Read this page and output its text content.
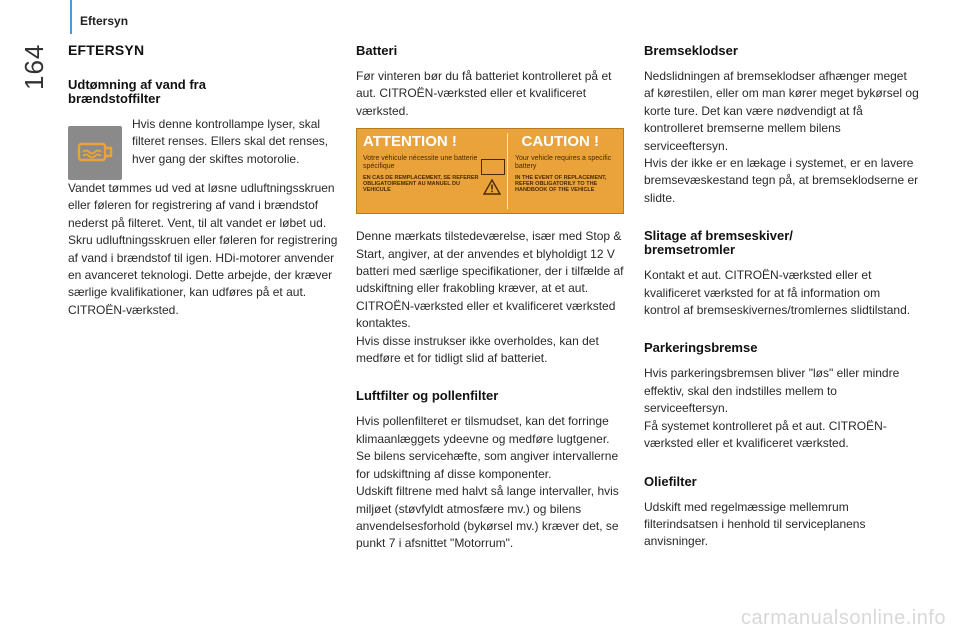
164
Eftersyn
EFTERSYN
Udtømning af vand fra brændstoffilter

Hvis denne kontrollampe lyser, skal filteret renses. Ellers skal det renses, hver gang der skiftes motorolie.

Vandet tømmes ud ved at løsne udluftningsskruen eller føleren for registrering af vand i brændstof nederst på filteret. Vent, til alt vandet er løbet ud. Skru udluftningsskruen eller føleren for registrering af vand i brændstof til igen. HDi-motorer anvender en avanceret teknologi. Dette arbejde, der kræver særlige kvalifikationer, kan udføres på et aut. CITROËN-værksted.

Batteri

Før vinteren bør du få batteriet kontrolleret på et aut. CITROËN-værksted eller et kvalificeret værksted.

ATTENTION !	CAUTION !
Votre véhicule nécessite une batterie spécifique
EN CAS DE REMPLACEMENT, SE REFERER OBLIGATOIREMENT AU MANUEL DU VEHICULE
Your vehicle requires a specific battery
IN THE EVENT OF REPLACEMENT, REFER OBLIGATORILY TO THE HANDBOOK OF THE VEHICLE

Denne mærkats tilstedeværelse, især med Stop & Start, angiver, at der anvendes et blyholdigt 12 V batteri med særlige specifikationer, der i tilfælde af udskiftning eller frakobling kræver, at et aut. CITROËN-værksted eller et kvalificeret værksted kontaktes.

Hvis disse instrukser ikke overholdes, kan det medføre et for tidligt slid af batteriet.

Luftfilter og pollenfilter

Hvis pollenfilteret er tilsmudset, kan det forringe klimaanlæggets ydeevne og medføre lugtgener. Se bilens servicehæfte, som angiver intervallerne for udskiftning af disse komponenter.

Udskift filtrene med halvt så lange intervaller, hvis miljøet (støvfyldt atmosfære mv.) og bilens anvendelsesforhold (bykørsel mv.) kræver det, se punkt 7 i afsnittet "Motorrum".

Bremseklodser

Nedslidningen af bremseklodser afhænger meget af kørestilen, eller om man kører meget bykørsel og korte ture. Det kan være nødvendigt at få kontrolleret bremserne mellem bilens serviceeftersyn.

Hvis der ikke er en lækage i systemet, er en lavere bremsevæskestand tegn på, at bremseklodserne er slidte.

Slitage af bremseskiver/ bremsetromler

Kontakt et aut. CITROËN-værksted eller et kvalificeret værksted for at få information om kontrol af bremseskivernes/tromlernes slidtilstand.

Parkeringsbremse

Hvis parkeringsbremsen bliver "løs" eller mindre effektiv, skal den indstilles mellem to serviceeftersyn.

Få systemet kontrolleret på et aut. CITROËN-værksted eller et kvalificeret værksted.

Oliefilter

Udskift med regelmæssige mellemrum filterindsatsen i henhold til serviceplanens anvisninger.

carmanualsonline.info
